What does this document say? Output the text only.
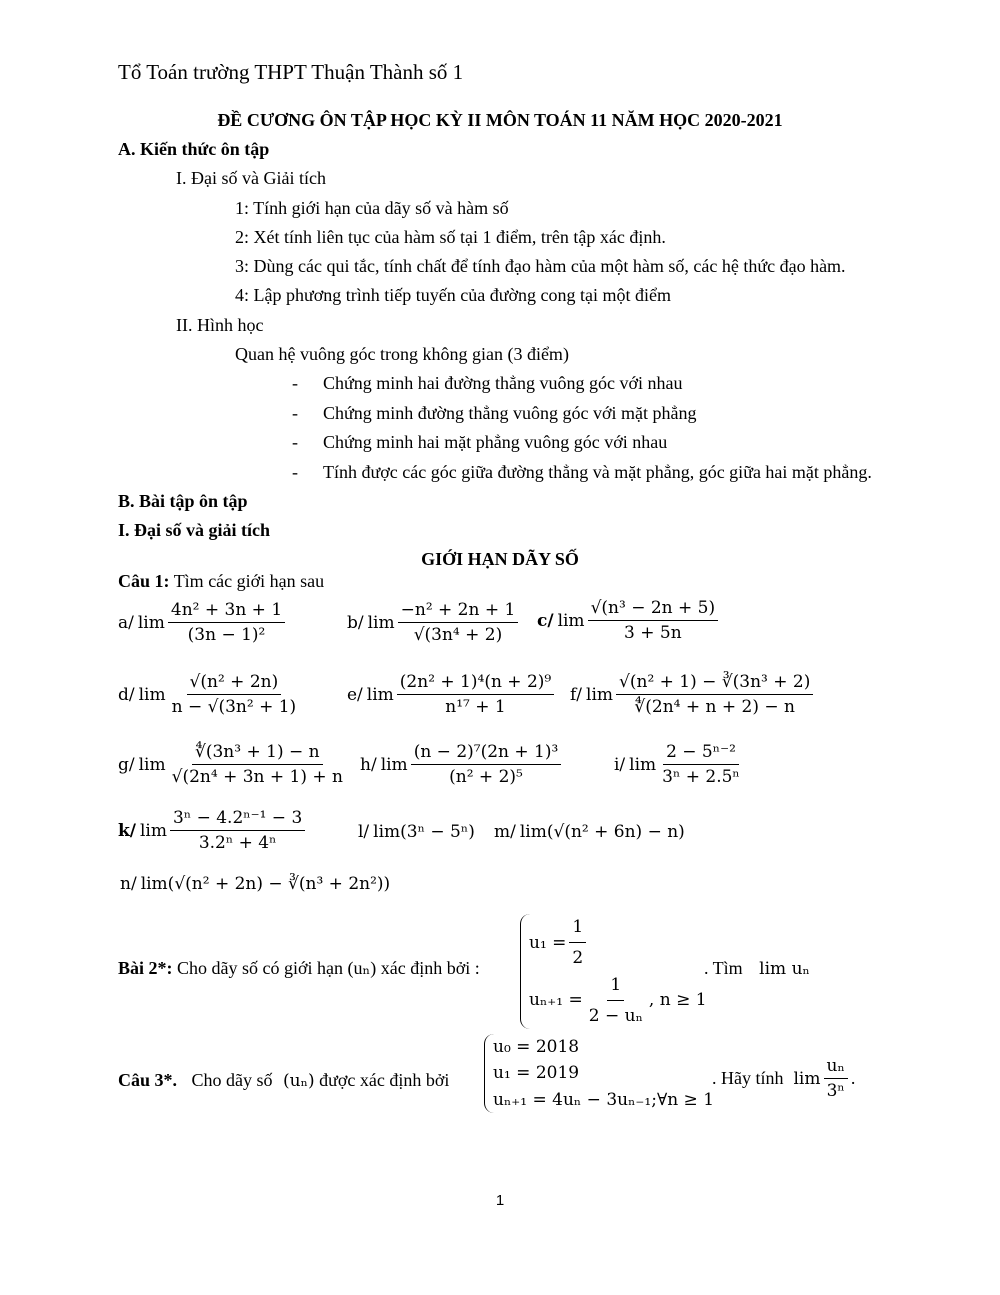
Tổ Toán trường THPT Thuận Thành số 1
ĐỀ CƯƠNG ÔN TẬP HỌC KỲ II MÔN TOÁN 11 NĂM HỌC 2020-2021
A. Kiến thức ôn tập
I. Đại số và Giải tích
1: Tính giới hạn của dãy số và hàm số
2: Xét tính liên tục của hàm số tại 1 điểm, trên tập xác định.
3: Dùng các qui tắc, tính chất để tính đạo hàm của một hàm số, các hệ thức đạo hàm.
4: Lập phương trình tiếp tuyến của đường cong tại một điểm
II. Hình học
Quan hệ vuông góc trong không gian (3 điểm)
- Chứng minh hai đường thẳng vuông góc với nhau
- Chứng minh đường thẳng vuông góc với mặt phẳng
- Chứng minh hai mặt phẳng vuông góc với nhau
- Tính được các góc giữa đường thẳng và mặt phẳng, góc giữa hai mặt phẳng.
B. Bài tập ôn tập
I. Đại số và giải tích
GIỚI HẠN DÃY SỐ
Câu 1: Tìm các giới hạn sau
a/ $\lim \frac{\text{4n² + 3n + 1}}{\text{(3n − 1)²}}$	b/ $\lim \frac{\text{−n² + 2n + 1}}{\text{√(3n⁴ + 2)}} c/$ $\lim \frac{\text{√(n³ − 2n + 5)}}{3 + 5n}$
d/ $\lim \frac{\text{√(n² + 2n)}}{\text{n − √(3n² + 1)}}$	e/ $\lim \frac{\text{(2n² + 1)⁴(n + 2)⁹}}{\text{n¹⁷ + 1}} f/$ $\lim \frac{\text{√(n² + 1) − ∛(3n³ + 2)}}{\text{∜(2n⁴ + n + 2) − n}}$
g/ $\lim \frac{\text{∜(3n³ + 1) − n}}{\text{√(2n⁴ + 3n + 1) + n}} h/$ $\lim \frac{\text{(n − 2)⁷(2n + 1)³}}{\text{(n² + 2)⁵}}$	i/ $\lim \frac{\text{2 − 5ⁿ⁻²}}{\text{3ⁿ + 2.5ⁿ}}$
k/ $\lim \frac{\text{3ⁿ − 4.2ⁿ⁻¹ − 3}}{\text{3.2ⁿ + 4ⁿ}}$	l/ lim(3ⁿ − 5ⁿ) m/ lim(√(n² + 6n) − n)
n/ lim(√(n² + 2n) − ∛(n³ + 2n²))
Bài 2*: Cho dãy số có giới hạn (uₙ) xác định bởi :
$u_1 = \frac{1}{2}$
$u_{n+1} = \frac{1}{\text{2 − uₙ}}$ , n ≥ 1
. Tìm lim uₙ
Câu 3*. Cho dãy số (uₙ) được xác định bởi
u₀ = 2018
u₁ = 2019
uₙ₊₁ = 4uₙ − 3uₙ₋₁;∀n ≥ 1
. Hãy tính $\lim \frac{\text{uₙ}}{\text{3ⁿ}}$ .
1
